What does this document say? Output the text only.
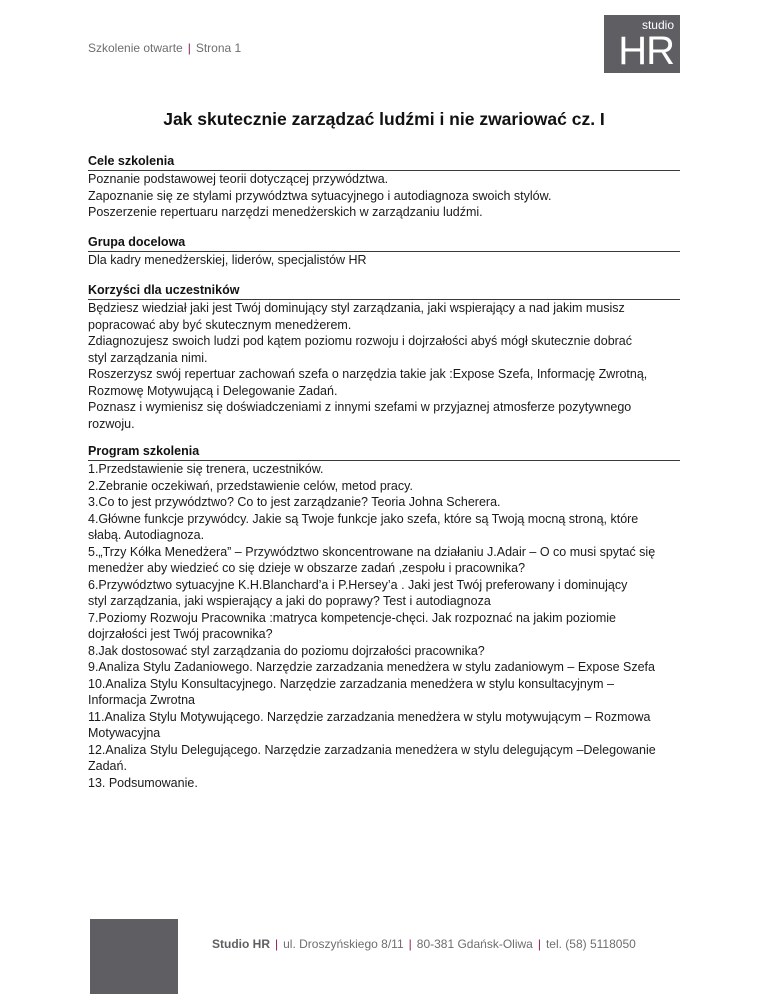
Szkolenie otwarte | Strona 1
studio
HR
Jak skutecznie zarządzać ludźmi i nie zwariować cz. I
Cele szkolenia
Poznanie podstawowej teorii dotyczącej przywództwa.
Zapoznanie się ze stylami przywództwa sytuacyjnego i autodiagnoza swoich stylów.
Poszerzenie repertuaru narzędzi menedżerskich w zarządzaniu ludźmi.
Grupa docelowa
Dla kadry menedżerskiej, liderów, specjalistów HR
Korzyści dla uczestników
Będziesz wiedział jaki jest Twój dominujący styl zarządzania, jaki wspierający a nad jakim musisz
popracować aby być skutecznym menedżerem.
Zdiagnozujesz swoich ludzi pod kątem poziomu rozwoju i dojrzałości abyś mógł skutecznie dobrać
styl zarządzania nimi.
Roszerzysz swój repertuar zachowań szefa o narzędzia takie jak :Expose Szefa, Informację Zwrotną,
Rozmowę Motywującą i Delegowanie Zadań.
Poznasz i wymienisz się doświadczeniami z innymi szefami w przyjaznej atmosferze pozytywnego
rozwoju.
Program szkolenia
1.Przedstawienie się trenera, uczestników.
2.Zebranie oczekiwań, przedstawienie celów, metod pracy.
3.Co to jest przywództwo? Co to jest zarządzanie? Teoria Johna Scherera.
4.Główne funkcje przywódcy. Jakie są Twoje funkcje jako szefa, które są Twoją mocną stroną, które
słabą. Autodiagnoza.
5.„Trzy Kółka Menedżera” – Przywództwo skoncentrowane na działaniu J.Adair – O co musi spytać się
menedżer aby wiedzieć co się dzieje w obszarze zadań ,zespołu i pracownika?
6.Przywództwo sytuacyjne K.H.Blanchard’a i P.Hersey’a . Jaki jest Twój preferowany i dominujący
styl zarządzania, jaki wspierający a jaki do poprawy? Test i autodiagnoza
7.Poziomy Rozwoju Pracownika :matryca kompetencje-chęci. Jak rozpoznać na jakim poziomie
dojrzałości jest Twój pracownika?
8.Jak dostosować styl zarządzania do poziomu dojrzałości pracownika?
9.Analiza Stylu Zadaniowego. Narzędzie zarzadzania menedżera w stylu zadaniowym – Expose Szefa
10.Analiza Stylu Konsultacyjnego. Narzędzie zarzadzania menedżera w stylu konsultacyjnym –
Informacja Zwrotna
11.Analiza Stylu Motywującego. Narzędzie zarzadzania menedżera w stylu motywującym – Rozmowa
Motywacyjna
12.Analiza Stylu Delegującego. Narzędzie zarzadzania menedżera w stylu delegującym –Delegowanie
Zadań.
13. Podsumowanie.
Studio HR | ul. Droszyńskiego 8/11 | 80-381 Gdańsk-Oliwa | tel. (58) 5118050
